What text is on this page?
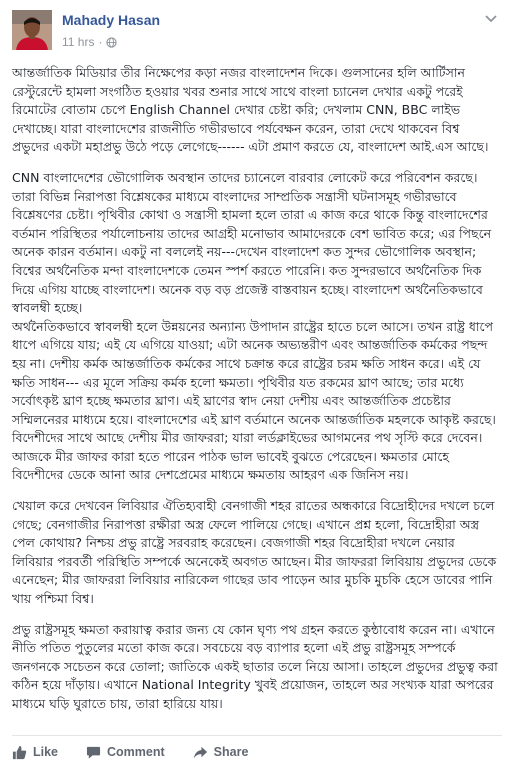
Mahady Hasan
11 hrs ·

আন্তর্জাতিক মিডিয়ার তীর নিক্ষেপের কড়া নজর বাংলাদেশন দিকে। গুলসানের হলি আর্টিসান রেস্টুরেন্টে হামলা সংগঠিত হওয়ার খবর শুনার সাথে সাথে বাংলা চ্যানেল দেখার একটু পরেই রিমোটের বোতাম চেপে English Channel দেখার চেষ্টা করি; দেখলাম CNN, BBC লাইভ দেখাচ্ছে। যারা বাংলাদেশের রাজনীতি গভীরভাবে পর্যবেক্ষন করেন, তারা দেখে থাকবেন বিশ্ব প্রভুদের একটা মহাপ্রভু উঠে পড়ে লেগেছে------ এটা প্রমাণ করতে যে, বাংলাদেশ আই.এস আছে।

CNN বাংলাদেশের ভৌগোলিক অবস্থান তাদের চ্যানেলে বারবার লোকেট করে পরিবেশন করছে। তারা বিভিন্ন নিরাপত্তা বিশ্লেষকের মাধ্যমে বাংলাদের সাম্প্রতিক সন্ত্রাসী ঘটনাসমূহ গভীরভাবে বিশ্লেষণের চেষ্টা। পৃথিবীর কোথা ও সন্ত্রাসী হামলা হলে তারা এ কাজ করে থাকে কিন্তু বাংলাদেশের বর্তমান পরিস্থিতর পর্যালোচনায় তাদের আগ্রহী মনোভাব আমাদেরকে বেশ ভাবিত করে; এর পিছনে অনেক কারন বর্তমান। একটু না বললেই নয়---দেখেন বাংলাদেশ কত সুন্দর ভৌগোলিক অবস্থান; বিশ্বের অর্থনৈতিক মন্দা বাংলাদেশকে তেমন স্পর্শ করতে পারেনি। কত সুন্দরভাবে অর্থনৈতিক দিক দিয়ে এগিয় যাচ্ছে বাংলাদেশ। অনেক বড় বড় প্রজেক্ট বাস্তবায়ন হচ্ছে। বাংলাদেশ অর্থনৈতিকভাবে স্বাবলম্বী হচ্ছে।

অর্থনৈতিকভাবে স্বাবলম্বী হলে উন্নয়নের অন্যান্য উপাদান রাষ্ট্রের হাতে চলে আসে। তখন রাষ্ট্র ধাপে ধাপে এগিয়ে যায়; এই যে এগিয়ে যাওয়া; এটা অনেক অভ্যন্তরীণ এবং আন্তর্জাতিক কর্মকের পছন্দ হয় না। দেশীয় কর্মক আন্তর্জাতিক কর্মকের সাথে চক্রান্ত করে রাষ্ট্রের চরম ক্ষতি সাধন করে। এই যে ক্ষতি সাধন--- এর মূলে সক্রিয় কর্মক হলো ক্ষমতা। পৃথিবীর যত রকমের ঘ্রাণ আছে; তার মধ্যে সর্বোৎকৃষ্ট ঘ্রাণ হচ্ছে ক্ষমতার ঘ্রাণ। এই ঘ্রাণের স্বাদ নেয়া দেশীয় এবং আন্তর্জাতিক প্রচেষ্টার সম্মিলনেরর মাধ্যমে হয়ে। বাংলাদেশের এই ঘ্রাণ বর্তমানে অনেক আন্তর্জাতিক মহলকে আকৃষ্ট করছে। বিদেশীদের সাথে আছে দেশীয় মীর জাফররা; যারা লর্ডক্লাইভের আগমনের পথ সৃস্টি করে দেবেন। আজকে মীর জাফর কারা হতে পারেন পাঠক ভাল ভাবেই বুঝতে পেরেছেন। ক্ষমতার মোহে বিদেশীদের ডেকে আনা আর দেশপ্রেমের মাধ্যমে ক্ষমতায় আহরণ এক জিনিস নয়।

খেয়াল করে দেখবেন লিবিয়ার ঐতিহ্যবাহী বেনগাজী শহর রাতের অন্ধকারে বিদ্রোহীদের দখলে চলে গেছে; বেনগাজীর নিরাপত্তা রক্ষীরা অস্ত্র ফেলে পালিয়ে গেছে। এখানে প্রশ্ন হলো, বিদ্রোহীরা অস্ত্র পেল কোথায়? নিশ্চয় প্রভু রাষ্ট্রে সরবরাহ করেছেন। বেজগাজী শহর বিদ্রোহীরা দখলে নেয়ার লিবিয়ার পরবর্তী পরিস্থিতি সম্পর্কে অনেকেই অবগত আছেন। মীর জাফররা লিবিয়ায় প্রভুদের ডেকে এনেছেন; মীর জাফররা লিবিয়ার নারিকেল গাছের ডাব পাড়েন আর মুচকি মুচকি হেসে ডাবের পানি খায় পশ্চিমা বিশ্ব।

প্রভু রাষ্ট্রসমূহ ক্ষমতা করায়াত্ব করার জন্য যে কোন ঘৃণ্য পথ গ্রহন করতে কুন্ঠাবোধ করেন না। এখানে নীতি পতিত পুতুলের মতো কাজ করে। সবচেয়ে বড় ব্যাপার হলো এই প্রভু রাষ্ট্রসমূহ সম্পর্কে জনগনকে সচেতন করে তোলা; জাতিকে একই ছাতার তলে নিয়ে আসা। তাহলে প্রভুদের প্রভুত্ব করা কঠিন হয়ে দাঁড়ায়। এখানে National Integrity খুবই প্রয়োজন, তাহলে অর সংখ্যক যারা অপরের মাধ্যমে ঘড়ি ঘুরাতে চায়, তারা হারিয়ে যায়।

Like	Comment	Share
